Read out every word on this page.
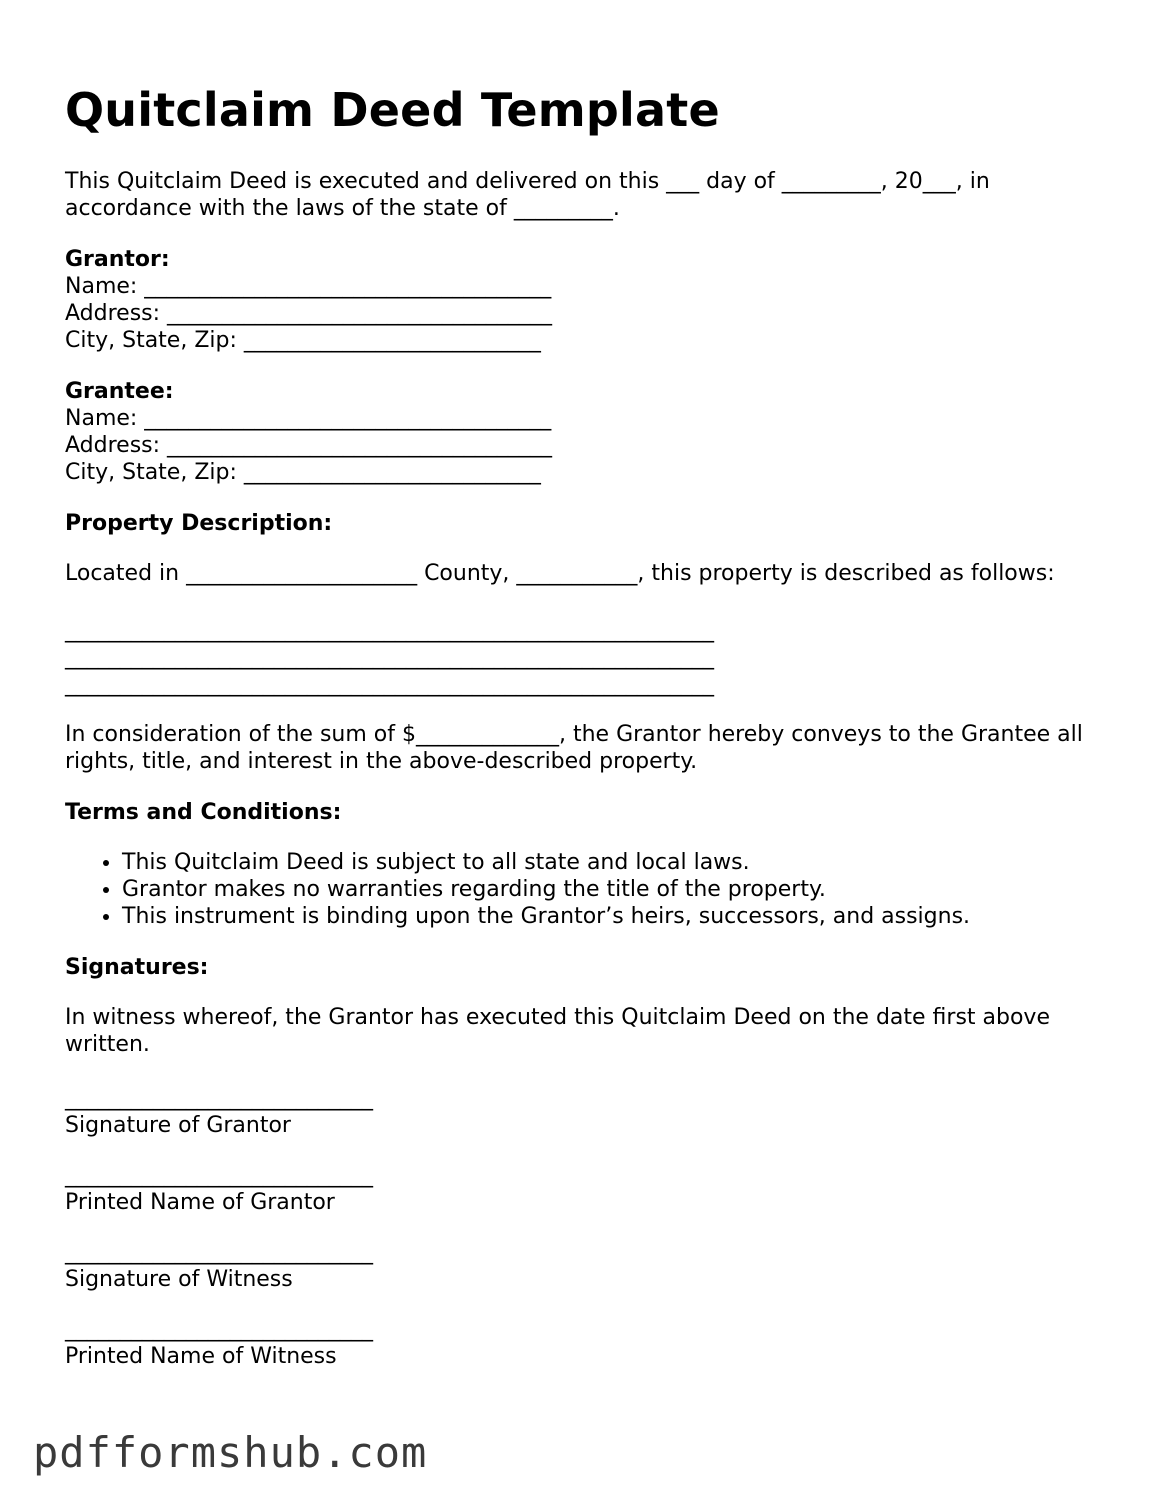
Quitclaim Deed Template

This Quitclaim Deed is executed and delivered on this ___ day of _________, 20___, in accordance with the laws of the state of _________.

Grantor:
Name: _____________________________________
Address: ___________________________________
City, State, Zip: ___________________________
Grantee:
Name: _____________________________________
Address: ___________________________________
City, State, Zip: ___________________________
Property Description:
Located in _____________________ County, ___________, this property is described as follows:
___________________________________________________________
___________________________________________________________
___________________________________________________________
In consideration of the sum of $_____________, the Grantor hereby conveys to the Grantee all rights, title, and interest in the above-described property.
Terms and Conditions:
• This Quitclaim Deed is subject to all state and local laws.
• Grantor makes no warranties regarding the title of the property.
• This instrument is binding upon the Grantor’s heirs, successors, and assigns.
Signatures:
In witness whereof, the Grantor has executed this Quitclaim Deed on the date first above written.
____________________________
Signature of Grantor
____________________________
Printed Name of Grantor
____________________________
Signature of Witness
____________________________
Printed Name of Witness
pdfformshub.com
